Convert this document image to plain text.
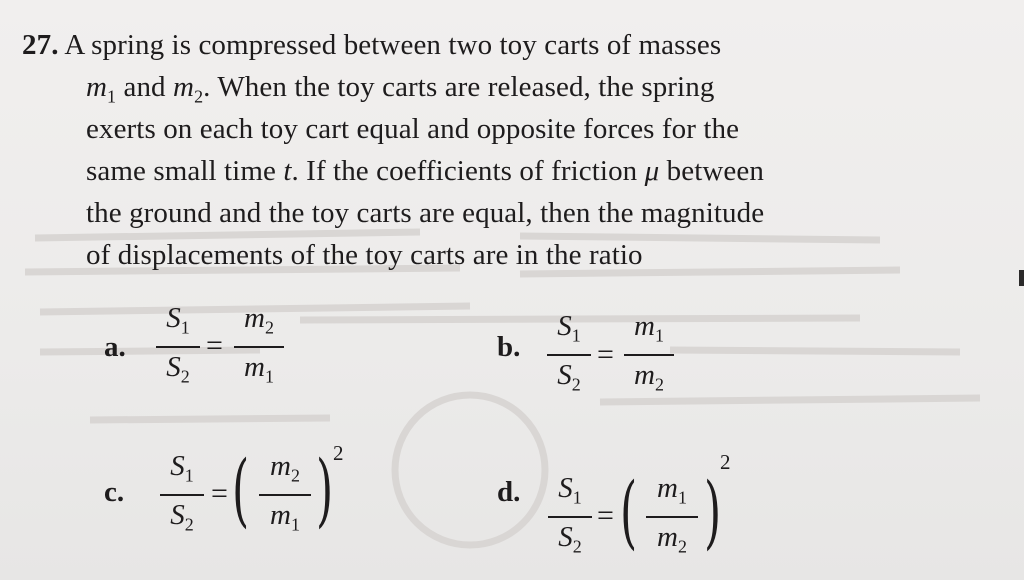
27. A spring is compressed between two toy carts of masses
$m_1$ and $m_2$. When the toy carts are released, the spring
exerts on each toy cart equal and opposite forces for the
same small time t. If the coefficients of friction μ between
the ground and the toy carts are equal, then the magnitude
of displacements of the toy carts are in the ratio
a.
$S_1$
$S_2$
=
$m_2$
$m_1$
b.
$S_1$
$S_2$
=
$m_1$
$m_2$
c.
$S_1$
$S_2$
= ( $m_2$
$m_1$ ) 2
d.	$S_1$
$S_2$
= ( $m_1$
$m_2$ )
2
